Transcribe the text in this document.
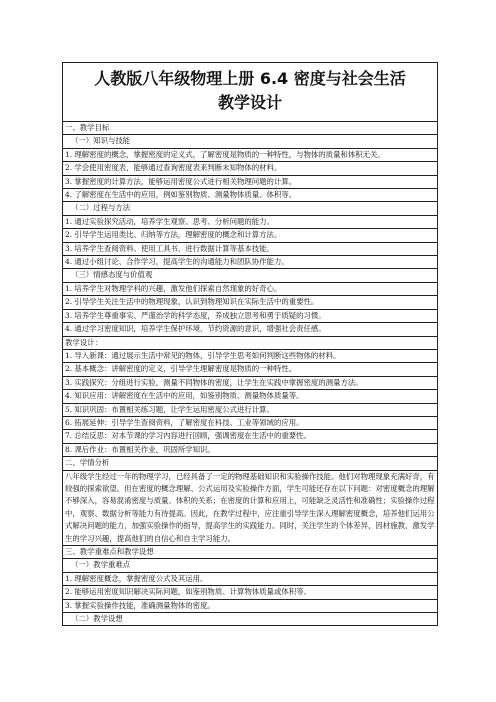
人教版八年级物理上册 6.4 密度与社会生活
教学设计
一、教学目标
（一）知识与技能
1. 理解密度的概念，掌握密度的定义式，了解密度是物质的一种特性，与物体的质量和体积无关。
2. 学会使用密度表，能够通过查询密度表来判断未知物体的材料。
3. 掌握密度的计算方法，能够运用密度公式进行相关物理问题的计算。
4. 了解密度在生活中的应用，例如鉴别物质、测量物体质量、体积等。
（二）过程与方法
1. 通过实验探究活动，培养学生观察、思考、分析问题的能力。
2. 引导学生运用类比、归纳等方法，理解密度的概念和计算方法。
3. 培养学生查阅资料、使用工具书、进行数据计算等基本技能。
4. 通过小组讨论、合作学习，提高学生的沟通能力和团队协作能力。
（三）情感态度与价值观
1. 培养学生对物理学科的兴趣，激发他们探索自然现象的好奇心。
2. 引导学生关注生活中的物理现象，认识到物理知识在实际生活中的重要性。
3. 培养学生尊重事实、严谨治学的科学态度，养成独立思考和勇于质疑的习惯。
4. 通过学习密度知识，培养学生保护环境、节约资源的意识，增强社会责任感。
教学设计：
1. 导入新课：通过展示生活中常见的物体，引导学生思考如何判断这些物体的材料。
2. 基本概念：讲解密度的定义，引导学生理解密度是物质的一种特性。
3. 实践探究：分组进行实验，测量不同物体的密度，让学生在实践中掌握密度的测量方法。
4. 知识应用：讲解密度在生活中的应用，如鉴别物质、测量物体质量等。
5. 知识巩固：布置相关练习题，让学生运用密度公式进行计算。
6. 拓展延伸：引导学生查阅资料，了解密度在科技、工业等领域的应用。
7. 总结反思：对本节课的学习内容进行回顾，强调密度在生活中的重要性。
8. 课后作业：布置相关作业，巩固所学知识。
二、学情分析
八年级学生经过一年的物理学习，已经具备了一定的物理基础知识和实验操作技能。他们对物理现象充满好奇，有较强的探索欲望。但在密度的概念理解、公式运用及实验操作方面，学生可能还存在以下问题：对密度概念的理解不够深入，容易混淆密度与质量、体积的关系；在密度的计算和应用上，可能缺乏灵活性和准确性；实验操作过程中，观察、数据分析等能力有待提高。因此，在教学过程中，应注重引导学生深入理解密度概念，培养他们运用公式解决问题的能力，加强实验操作的指导，提高学生的实践能力。同时，关注学生的个体差异，因材施教，激发学生的学习兴趣，提高他们的自信心和自主学习能力。
三、教学重难点和教学设想
（一）教学重难点
1. 理解密度概念，掌握密度公式及其运用。
2. 能够运用密度知识解决实际问题，如鉴别物质、计算物体质量或体积等。
3. 掌握实验操作技能，准确测量物体的密度。
（二）教学设想
